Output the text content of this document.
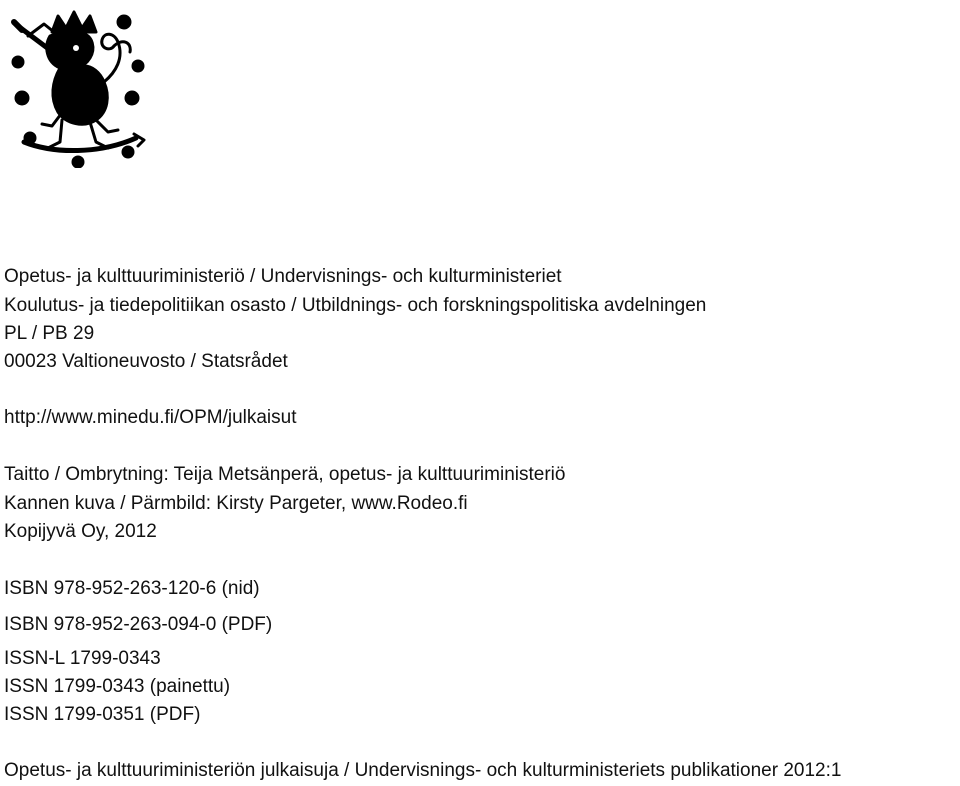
Opetus- ja kulttuuriministeriö / Undervisnings- och kulturministeriet
Koulutus- ja tiedepolitiikan osasto / Utbildnings- och forskningspolitiska avdelningen
PL / PB 29
00023 Valtioneuvosto / Statsrådet
http://www.minedu.fi/OPM/julkaisut
Taitto / Ombrytning: Teija Metsänperä, opetus- ja kulttuuriministeriö
Kannen kuva / Pärmbild: Kirsty Pargeter, www.Rodeo.fi
Kopijyvä Oy, 2012
ISBN 978-952-263-120-6 (nid)
ISBN 978-952-263-094-0 (PDF)
ISSN-L 1799-0343
ISSN 1799-0343 (painettu)
ISSN 1799-0351 (PDF)
Opetus- ja kulttuuriministeriön julkaisuja / Undervisnings- och kulturministeriets publikationer 2012:1
